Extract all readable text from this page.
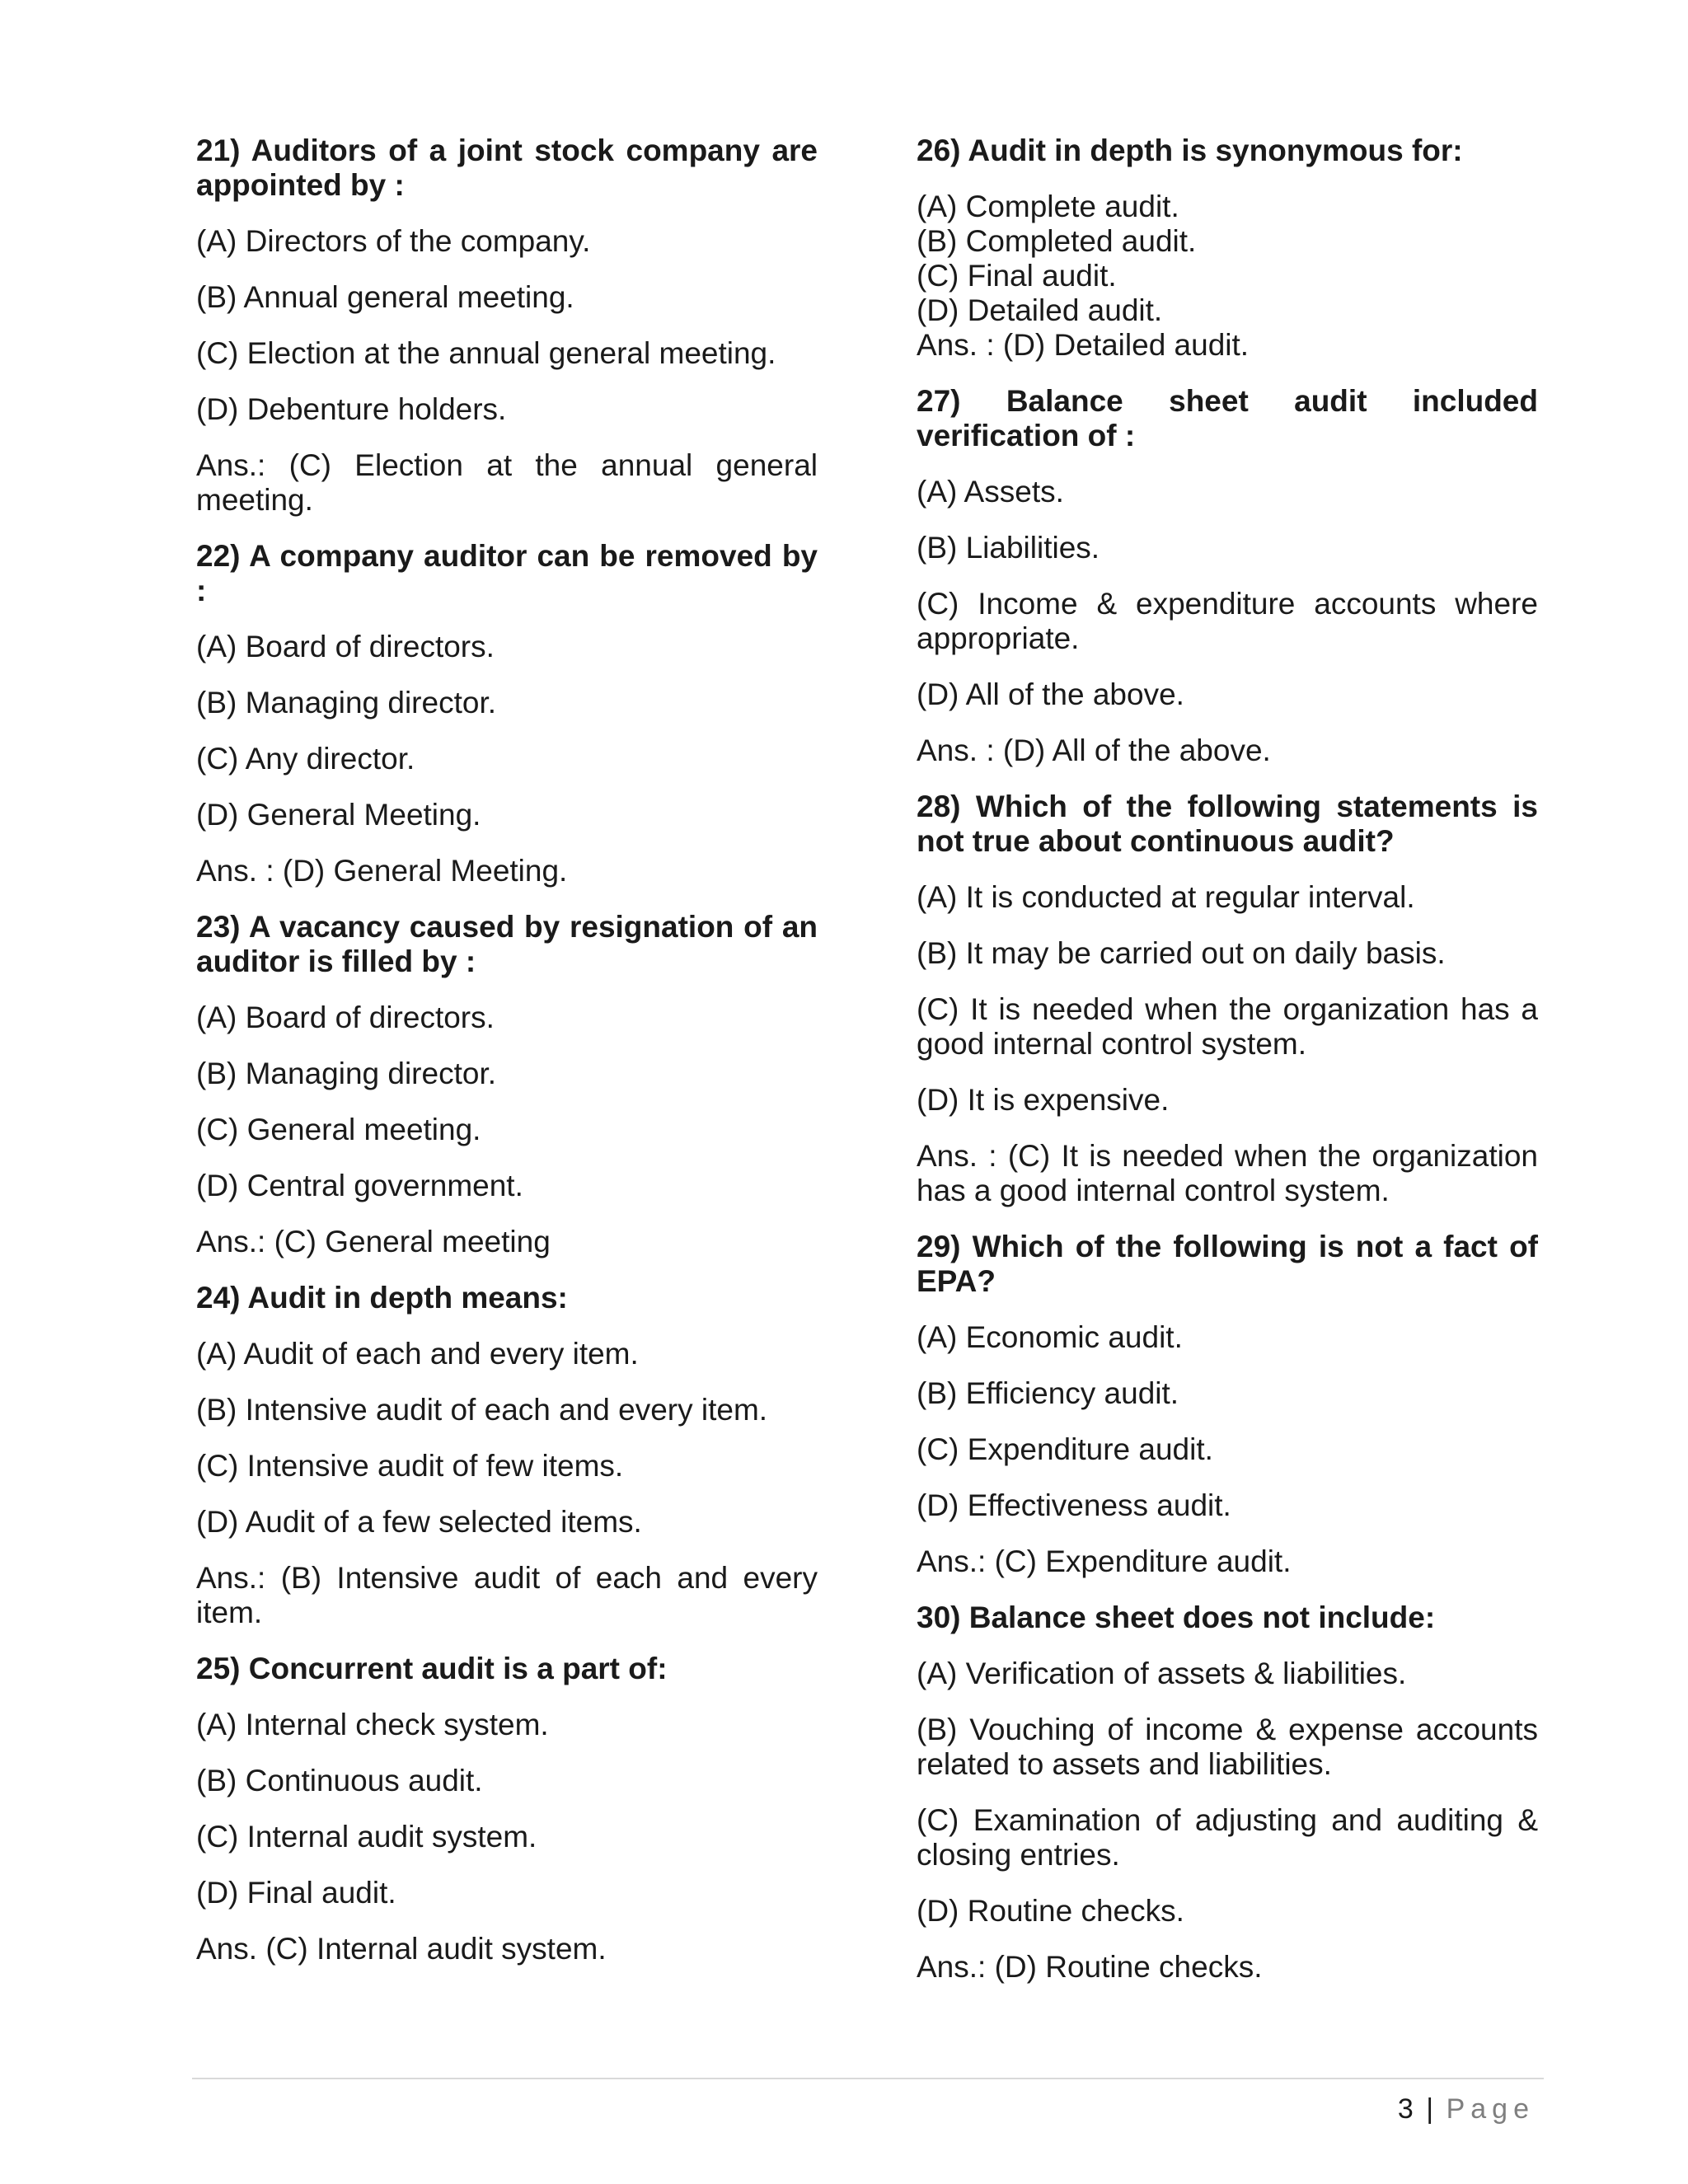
21) Auditors of a joint stock company are appointed by :

(A) Directors of the company.

(B) Annual general meeting.

(C) Election at the annual general meeting.

(D) Debenture holders.

Ans.: (C) Election at the annual general meeting.

22) A company auditor can be removed by :

(A) Board of directors.

(B) Managing director.

(C) Any director.

(D) General Meeting.

Ans. : (D) General Meeting.

23) A vacancy caused by resignation of an auditor is filled by :

(A) Board of directors.

(B) Managing director.

(C) General meeting.

(D) Central government.

Ans.: (C) General meeting

24) Audit in depth means:

(A) Audit of each and every item.

(B) Intensive audit of each and every item.

(C) Intensive audit of few items.

(D) Audit of a few selected items.

Ans.: (B) Intensive audit of each and every item.

25) Concurrent audit is a part of:

(A) Internal check system.

(B) Continuous audit.

(C) Internal audit system.

(D) Final audit.

Ans. (C) Internal audit system.

26) Audit in depth is synonymous for:

(A) Complete audit.

(B) Completed audit.

(C) Final audit.

(D) Detailed audit.

Ans. : (D) Detailed audit.

27) Balance sheet audit included verification of :

(A) Assets.

(B) Liabilities.

(C) Income & expenditure accounts where appropriate.

(D) All of the above.

Ans. : (D) All of the above.

28) Which of the following statements is not true about continuous audit?

(A) It is conducted at regular interval.

(B) It may be carried out on daily basis.

(C) It is needed when the organization has a good internal control system.

(D) It is expensive.

Ans. : (C) It is needed when the organization has a good internal control system.

29) Which of the following is not a fact of EPA?

(A) Economic audit.

(B) Efficiency audit.

(C) Expenditure audit.

(D) Effectiveness audit.

Ans.: (C) Expenditure audit.

30) Balance sheet does not include:

(A) Verification of assets & liabilities.

(B) Vouching of income & expense accounts related to assets and liabilities.

(C) Examination of adjusting and auditing & closing entries.

(D) Routine checks.

Ans.: (D) Routine checks.

3 | Page
